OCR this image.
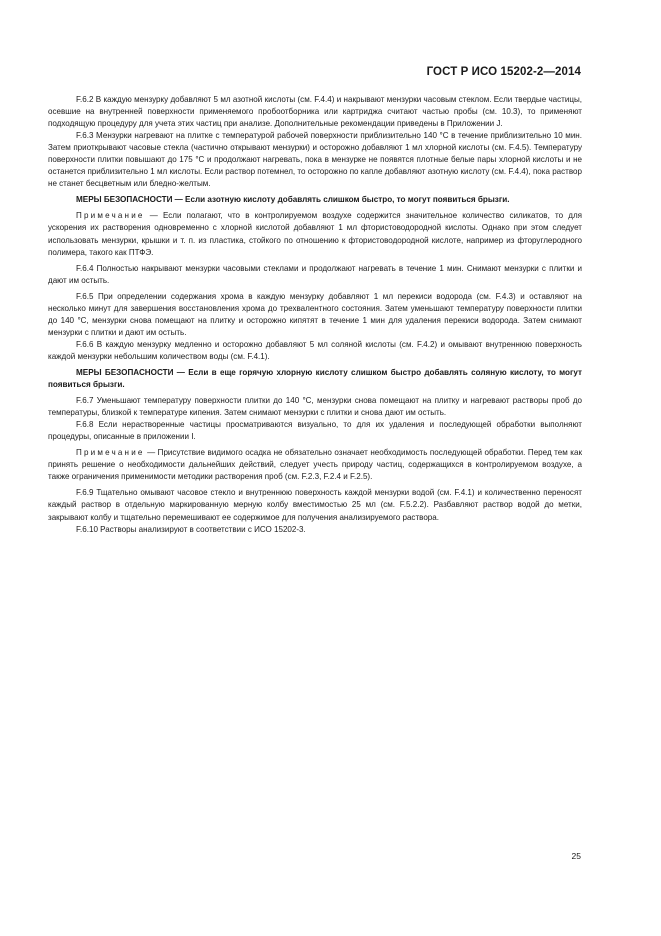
ГОСТ Р ИСО 15202-2—2014

F.6.2 В каждую мензурку добавляют 5 мл азотной кислоты (см. F.4.4) и накрывают мензурки часовым стеклом. Если твердые частицы, осевшие на внутренней поверхности применяемого пробоотборника или картриджа считают частью пробы (см. 10.3), то применяют подходящую процедуру для учета этих частиц при анализе. Дополнительные рекомендации приведены в Приложении J.

F.6.3 Мензурки нагревают на плитке с температурой рабочей поверхности приблизительно 140 °C в течение приблизительно 10 мин. Затем приоткрывают часовые стекла (частично открывают мензурки) и осторожно добавляют 1 мл хлорной кислоты (см. F.4.5). Температуру поверхности плитки повышают до 175 °C и продолжают нагревать, пока в мензурке не появятся плотные белые пары хлорной кислоты и не останется приблизительно 1 мл кислоты. Если раствор потемнел, то осторожно по капле добавляют азотную кислоту (см. F.4.4), пока раствор не станет бесцветным или бледно-желтым.

МЕРЫ БЕЗОПАСНОСТИ — Если азотную кислоту добавлять слишком быстро, то могут появиться брызги.

Примечание — Если полагают, что в контролируемом воздухе содержится значительное количество силикатов, то для ускорения их растворения одновременно с хлорной кислотой добавляют 1 мл фтористоводородной кислоты. Однако при этом следует использовать мензурки, крышки и т. п. из пластика, стойкого по отношению к фтористоводородной кислоте, например из фторуглеродного полимера, такого как ПТФЭ.

F.6.4 Полностью накрывают мензурки часовыми стеклами и продолжают нагревать в течение 1 мин. Снимают мензурки с плитки и дают им остыть.

F.6.5 При определении содержания хрома в каждую мензурку добавляют 1 мл перекиси водорода (см. F.4.3) и оставляют на несколько минут для завершения восстановления хрома до трехвалентного состояния. Затем уменьшают температуру поверхности плитки до 140 °C, мензурки снова помещают на плитку и осторожно кипятят в течение 1 мин для удаления перекиси водорода. Затем снимают мензурки с плитки и дают им остыть.

F.6.6 В каждую мензурку медленно и осторожно добавляют 5 мл соляной кислоты (см. F.4.2) и омывают внутреннюю поверхность каждой мензурки небольшим количеством воды (см. F.4.1).

МЕРЫ БЕЗОПАСНОСТИ — Если в еще горячую хлорную кислоту слишком быстро добавлять соляную кислоту, то могут появиться брызги.

F.6.7 Уменьшают температуру поверхности плитки до 140 °C, мензурки снова помещают на плитку и нагревают растворы проб до температуры, близкой к температуре кипения. Затем снимают мензурки с плитки и снова дают им остыть.

F.6.8 Если нерастворенные частицы просматриваются визуально, то для их удаления и последующей обработки выполняют процедуры, описанные в приложении I.

Примечание — Присутствие видимого осадка не обязательно означает необходимость последующей обработки. Перед тем как принять решение о необходимости дальнейших действий, следует учесть природу частиц, содержащихся в контролируемом воздухе, а также ограничения применимости методики растворения проб (см. F.2.3, F.2.4 и F.2.5).

F.6.9 Тщательно омывают часовое стекло и внутреннюю поверхность каждой мензурки водой (см. F.4.1) и количественно переносят каждый раствор в отдельную маркированную мерную колбу вместимостью 25 мл (см. F.5.2.2). Разбавляют раствор водой до метки, закрывают колбу и тщательно перемешивают ее содержимое для получения анализируемого раствора.

F.6.10 Растворы анализируют в соответствии с ИСО 15202-3.

25
